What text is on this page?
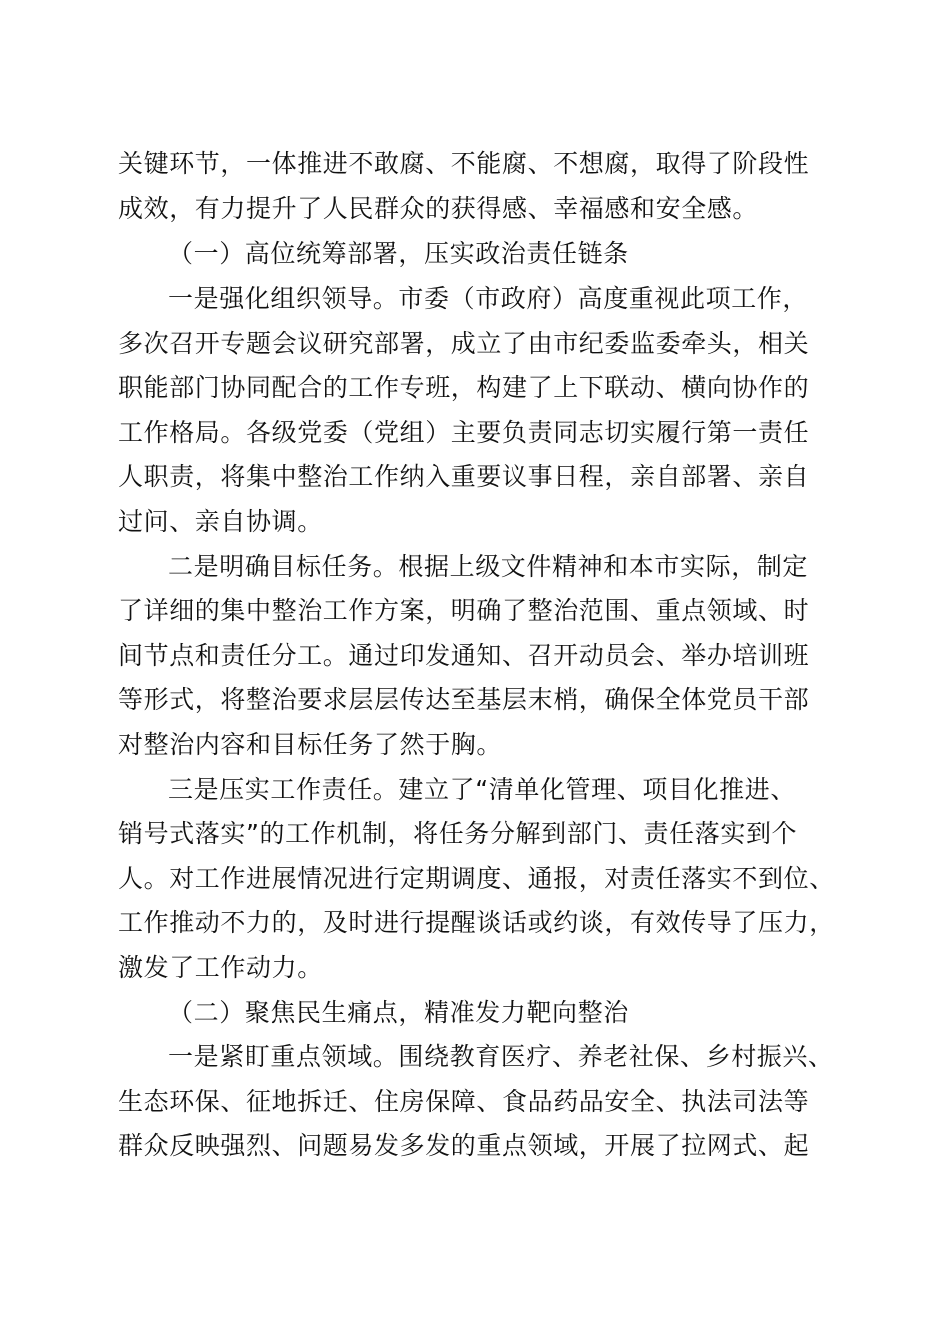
关键环节，一体推进不敢腐、不能腐、不想腐，取得了阶段性
成效，有力提升了人民群众的获得感、幸福感和安全感。
（一）高位统筹部署，压实政治责任链条
一是强化组织领导。市委（市政府）高度重视此项工作，
多次召开专题会议研究部署，成立了由市纪委监委牵头，相关
职能部门协同配合的工作专班，构建了上下联动、横向协作的
工作格局。各级党委（党组）主要负责同志切实履行第一责任
人职责，将集中整治工作纳入重要议事日程，亲自部署、亲自
过问、亲自协调。
二是明确目标任务。根据上级文件精神和本市实际，制定
了详细的集中整治工作方案，明确了整治范围、重点领域、时
间节点和责任分工。通过印发通知、召开动员会、举办培训班
等形式，将整治要求层层传达至基层末梢，确保全体党员干部
对整治内容和目标任务了然于胸。
三是压实工作责任。建立了“清单化管理、项目化推进、
销号式落实”的工作机制，将任务分解到部门、责任落实到个
人。对工作进展情况进行定期调度、通报，对责任落实不到位、
工作推动不力的，及时进行提醒谈话或约谈，有效传导了压力，
激发了工作动力。
（二）聚焦民生痛点，精准发力靶向整治
一是紧盯重点领域。围绕教育医疗、养老社保、乡村振兴、
生态环保、征地拆迁、住房保障、食品药品安全、执法司法等
群众反映强烈、问题易发多发的重点领域，开展了拉网式、起
